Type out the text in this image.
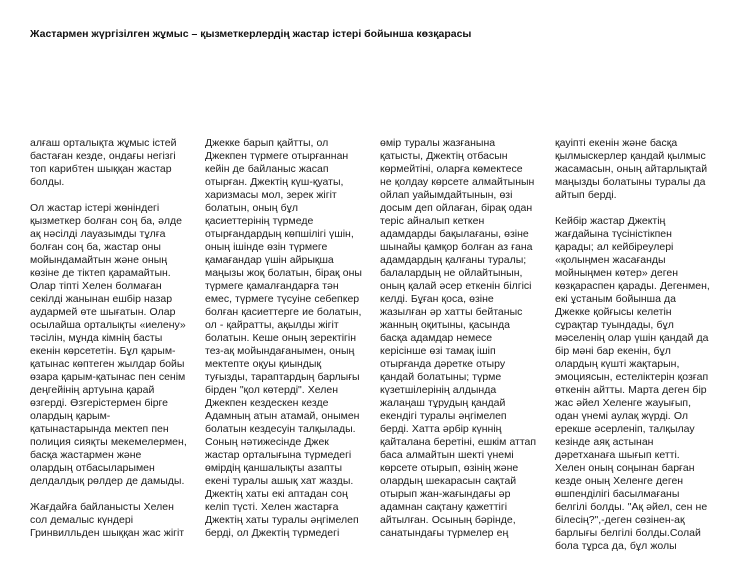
Жастармен жүргізілген жұмыс – қызметкерлердің жастар істері бойынша көзқарасы

алғаш орталықта жұмыс істей бастаған кезде, ондағы негізгі топ карибтен шыққан жастар болды.

Ол жастар істері жөніндегі қызметкер болған соң ба, әлде ақ нәсілді лауазымды тұлға болған соң ба, жастар оны мойындамайтын және оның көзіне де тіктеп қарамайтын. Олар тіпті Хелен болмаған секілді жанынан ешбір назар аудармей өте шығатын. Олар осылайша орталықты «иелену» тәсілін, мұнда кімнің басты екенін көрсететін. Бұл қарым-қатынас көптеген жылдар бойы өзара қарым-қатынас пен сенім деңгейінің артуына қарай өзгерді. Өзгерістермен бірге олардың қарым-қатынастарында мектеп пен полиция сияқты мекемелермен, басқа жастармен және олардың отбасыларымен делдалдық рөлдер де дамыды.

Жағдайға байланысты Хелен сол демалыс күндері Гринвилльден шыққан жас жігіт

Джекке барып қайтты, ол Джекпен түрмеге отырғаннан кейін де байланыс жасап отырған. Джектің күш-қуаты, харизмасы мол, зерек жігіт болатын, оның бұл қасиеттерінің түрмеде отырғандардың көпшілігі үшін, оның ішінде өзін түрмеге қамағандар үшін айрықша маңызы жоқ болатын, бірақ оны түрмеге қамалғандарға тән емес, түрмеге түсуіне себепкер болған қасиеттерге ие болатын, ол - қайратты, ақылды жігіт болатын. Кеше оның зеректігін тез-ақ мойындағанымен, оның мектепте оқуы қиындық туғызды, тараптардың барлығы бірден "қол көтерді". Хелен Джекпен кездескен кезде Адамның атын атамай, онымен болатын кездесуін талқылады. Соның нәтижесінде Джек жастар орталығына түрмедегі өмірдің қаншалықты азапты екені туралы ашық хат жазды. Джектің хаты екі аптадан соң келіп түсті. Хелен жастарға Джектің хаты туралы әңгімелеп берді, ол Джектің түрмедегі

өмір туралы жазғанына қатысты, Джектің отбасын көрмейтіні, оларға көмектесе не қолдау көрсете алмайтынын ойлап уайымдайтынын, өзі досым деп ойлаған, бірақ одан теріс айналып кеткен адамдарды бақылағаны, өзіне шынайы қамқор болған аз ғана адамдардың қалғаны туралы; балалардың не ойлайтынын, оның қалай әсер еткенін білгісі келді. Бұған қоса, өзіне жазылған әр хатты бейтаныс жанның оқитыны, қасында басқа адамдар немесе керісінше өзі тамақ ішіп отырғанда дәретке отыру қандай болатыны; түрме күзетшілерінің алдында жалаңаш тұрудың қандай екендігі туралы әңгімелеп берді. Хатта әрбір күннің қайталана беретіні, ешкім аттап баса алмайтын шекті үнемі көрсете отырып, өзінің және олардың шекарасын сақтай отырып жан-жағындағы әр адамнан сақтану қажеттігі айтылған. Осының бәрінде, санатындағы түрмелер ең

қауіпті екенін және басқа қылмыскерлер қандай қылмыс жасамасын, оның айтарлықтай маңызды болатыны туралы да айтып берді.

Кейбір жастар Джектің жағдайына түсіністікпен қарады; ал кейбіреулері «қолыңмен жасағанды мойныңмен көтер» деген көзқараспен қарады. Дегенмен, екі ұстаным бойынша да Джекке қойғысы келетін сұрақтар туындады, бұл мәселенің олар үшін қандай да бір мәні бар екенін, бұл олардың күшті жақтарын, эмоциясын, естеліктерін қозғап өткенін айтты. Марта деген бір жас әйел Хеленге жауығып, одан үнемі аулақ жүрді. Ол ерекше әсерленіп, талқылау кезінде аяқ астынан дәретханаға шығып кетті. Хелен оның соңынан барған кезде оның Хеленге деген өшпенділігі басылмағаны белгілі болды. "Ақ әйел, сен не білесің?",-деген сөзінен-ақ барлығы белгілі болды.Солай бола тұрса да, бұл жолы
